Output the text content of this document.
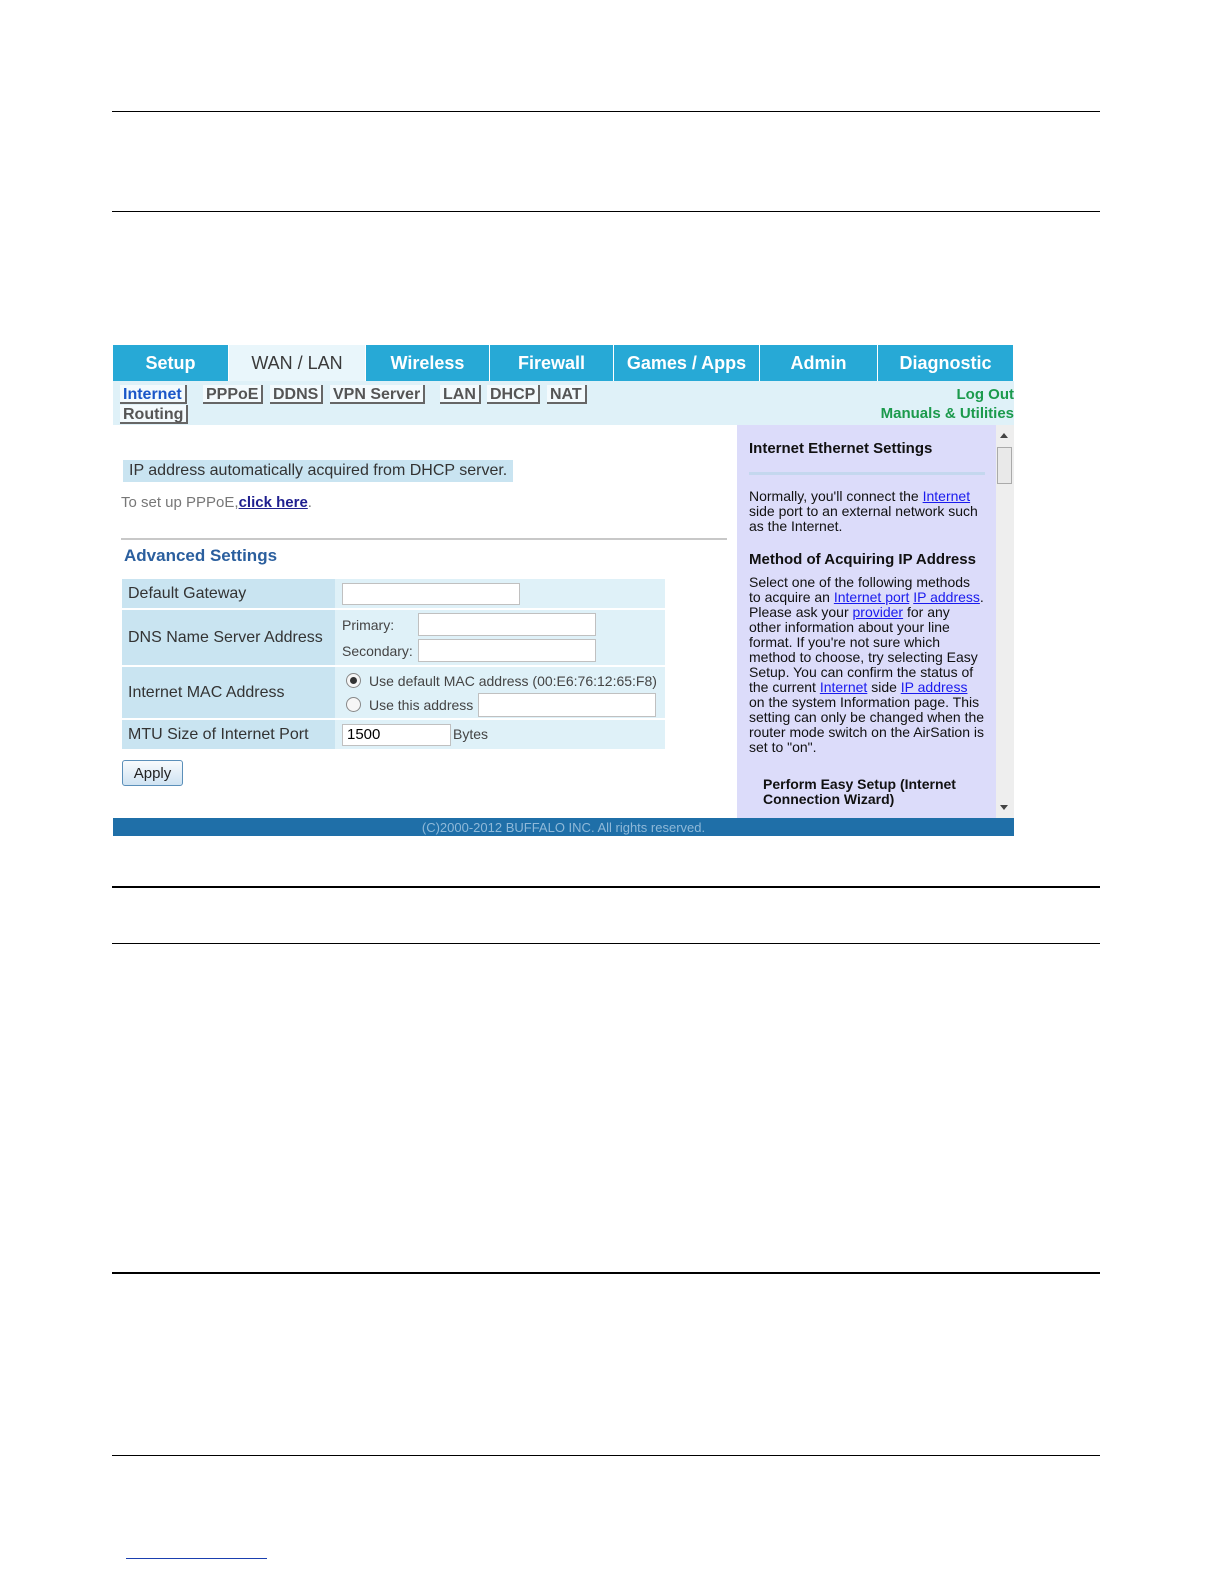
Setup	WAN / LAN	Wireless	Firewall	Games / Apps	Admin	Diagnostic
Internet	PPPoE DDNS VPN Server	LAN DHCP NAT
Routing
Log Out
Manuals & Utilities
IP address automatically acquired from DHCP server.
To set up PPPoE,click here.
Advanced Settings
Default Gateway	
DNS Name Server Address	Primary:
Secondary:

Internet MAC Address	Use default MAC address (00:E6:76:12:65:F8)
Use this address

MTU Size of Internet Port	1500Bytes
Apply
Internet Ethernet Settings

Normally, you'll connect the Internet side port to an external network such as the Internet.

Method of Acquiring IP Address

Select one of the following methods to acquire an Internet port IP address. Please ask your provider for any other information about your line format. If you're not sure which method to choose, try selecting Easy Setup. You can confirm the status of the current Internet side IP address on the system Information page. This setting can only be changed when the router mode switch on the AirSation is set to "on".

Perform Easy Setup (Internet Connection Wizard)
(C)2000-2012 BUFFALO INC. All rights reserved.
